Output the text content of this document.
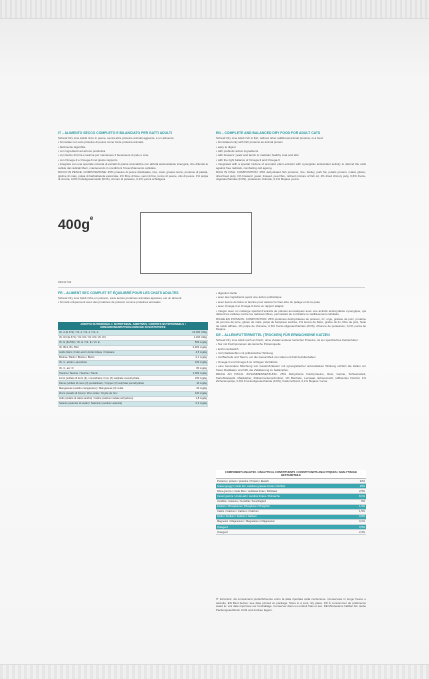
IT – ALIMENTO SECCO COMPLETO E BILANCIATO PER GATTI ADULTI

Schesir Dry Line Adulti ricco in pesce, senza altre proteine animali aggiunte, è un alimento:

• formulato con solo proteine di pesce come fonte proteica animale

• facilmente digeribile

• con ingredienti ad azione prebiotica

• con lievito di birra e taurina per mantenere il benessere di pelo e cute

• con Omega-3 e Omega-6 nel giusto rapporto

• integrato con una speciale miscela di estratti di piante aromatiche con attività antiossidante sinergica, che difende le cellule dai radicali liberi, mantenendo in condizioni l'invecchiamento cellulare.

RICCO IN PESCE. COMPOSIZIONE: 25% proteine di pesce disidratate, riso, mais, grasso suino, proteine di patata, glutine di mais, polpa di barbabietola essiccata, 1% fibre di fave, semi di lino, tonno di pesce, olio di pesce, 1% polpa di cicoria, 0,6% fruttoligosaccaridi (FOS), cloruro di potassio, 0,1% yucca schidigera.

EN – COMPLETE AND BALANCED DRY FOOD FOR ADULT CATS

Schesir Dry Line Adult rich in fish, without other additional animal proteins, is a food:

• formulated only with fish proteins as animal protein

• easy to digest

• with prebiotic action ingredients

• with brewers' yeast and taurin to maintain healthy coat and skin

• with the right balance of Omega-3 and Omega-6

• integrated with a special mixture of aromatic plant extracts with synergistic antioxidant activity to defend the cells against free radicals, combating cell ageing.

RICH IN FISH. COMPOSITION: 25% dehydrated fish proteins, rice, barley, pork fat, potato protein, maize gluten, dried beet pulp, 1% brewers' yeast, linseed, pea fibre, refined mixture of fish oil, 1% dried chicory pulp, 0,6% fructo-oligosaccharides (FOS), potassium chloride, 0,1% Mojave yucca.

$400g^e$
02041734
FR – ALIMENT SEC COMPLET ET ÉQUILIBRÉ POUR LES CHATS ADULTES

Schesir Dry Line Adult riche en poisson, sans autres protéines animales ajoutées, est un aliment:

• formulé uniquement avec des protéines de poisson comme protéines animales

ADDITIVI NUTRIZIONALI / NUTRITIONAL ADDITIVES / ADDITIFS NUTRITIONNELS / ERNÄHRUNGSPHYSIOLOGISCHE ZUSATZSTOFFE
Vit. A (E 672) / Vit. A / Vit. A / Vit. A	22.000 UI/kg
Vit. D3 (E 671) / Vit. D3 / Vit. D3 / Vit. D3	1.200 UI/kg
Vit. E (3a700) / Vit. E / Vit. E / Vit. E	500 mg/kg
Vit. B12, B1, B12	0,002 mg/kg
Acido folico / Folic acid / Acide folique / Folsäure	4,5 mg/kg
Biotina / Biotin / Biotine / Biotin	0,1 mg/kg
Vit. C, acido L-ascorbico	100 mg/kg
Vit. C, acr. D	80 mg/kg
Taurina / Taurine / Taurine / Taurin	2.000 mg/kg
Ferro (solfato di ferro (II), monoidrato) / Iron (II) sulphate monohydrate	150 mg/kg
Rame (solfato di rame (II) pentaidrato) / Copper (II) sulphate pentahydrate	10 mg/kg
Manganese (ossido manganoso) / Manganese (II) oxide	20 mg/kg
Zinco (ossido di zinco) / Zinc oxide / Oxyde de zinc	100 mg/kg
Iodio (iodato di calcio anidro) / Iodine (calcium iodate anhydrous)	1,8 mg/kg
Selenio (selenito di sodio) / Selenium (sodium selenite)	0,3 mg/kg

• digestion facile

• avec des ingrédients ayant une action prébiotique

• avec levure de bière et taurine pour assurer le bien-être du pelage et de la peau

• avec Oméga-3 et Oméga-6 dans un rapport adapté

• intégré avec un mélange spécial d'extraits de plantes aromatiques avec une activité antioxydante synergique, qui défend les cellules contre les radicaux libres, permettant de combattre le vieillissement cellulaire.

RICHE EN POISSON. COMPOSITION: 25% protéines déshydratées de poisson, riz, orge, graisse de porc, protéine de pomme de terre, gluten de maïs, pulpe de betterave séchée, 1% levure de bière, graine de lin, fibre de pois, huile de raisin affinée, 1% pulpe de chicorée, 0,6% fructo-oligosaccharides (FOS), chlorure de potassium, 0,1% yucca de Mojave.

DE – ALLEINFUTTERMITTEL (TROCKEN) FÜR ERWACHSENE KATZEN

Schesir Dry Line Adult reich an Fisch, ohne Zusatz anderer tierischer Proteine, ist ein spezifisches Katzenfutter:

• Nur mit Fischproteinen als tierische Proteinquelle

• leicht verdaulich

• mit Inhaltsstoffen mit präbiotischer Wirkung

• mit Bierhefe und Taurin, um die Gesundheit von Haut und Fell beizubehalten

• Omega-3 und Omega-6 im richtigen Verhältnis

• eine besondere Mischung von Gewürzkräutern mit synergistischer antioxidativer Wirkung schützt die Zellen vor freien Radikalen und hilft, die Zellalterung zu bekämpfen.

REICH AN FISCH. ZUSAMMENSETZUNG: 25% Dehydrierte Fischproteine, Reis, Gerste, Schweinefett, Kartoffeleiweiß, Maiskleber, Rübentrockenschnitzel, 1% Bierhefe, Leinsaat, Erbsenmehl, raffiniertes Fischöl, 1% Zichorienpulpe, 0,6% Fructooligosaccharide (FOS), Kaliumchlorid, 0,1% Mojave-Yucca.

COMPONENTI ANALITICI / ANALYTICAL CONSTITUENTS / CONSTITUANTS ANALYTIQUES / ANALYTISCHE BESTANDTEILE
Proteina / protein / protéine / Protein / Eiweiß	32%
Grassi greggi / crude fat / matières grasses brutes / Rohfett	15%
Fibra grezza / crude fibre / cellulose brute / Rohfaser	2,5%
Ceneri grezze / crude ash / cendres brutes / Rohasche	8,1%
Umidità / moisture / humidité / Feuchtigkeit	8%
Fosforo / Phosphorus / Phosphore / Phosphor	1,1%
Calcio / Calcium / Calcium / Kalzium	1,5%
Sodio / Sodium / Sodium / Natrium	0,6%
Magnesio / Magnesium / Magnésium / Magnesium	0,1%
Omega-3	0,5%
Omega-6	2,4%

IT Istruzioni: da consumarsi preferibilmente entro la data riportata sulla confezione. Conservare in luogo fresco e asciutto. EN Best before: see date printed on package. Store in a cool, dry place. FR À consommer de préférence avant le: voir date imprimée sur l'emballage. Conserver dans un endroit frais et sec. DE Mindestens haltbar bis: siehe Packungsaufdruck. Kühl und trocken lagern.
